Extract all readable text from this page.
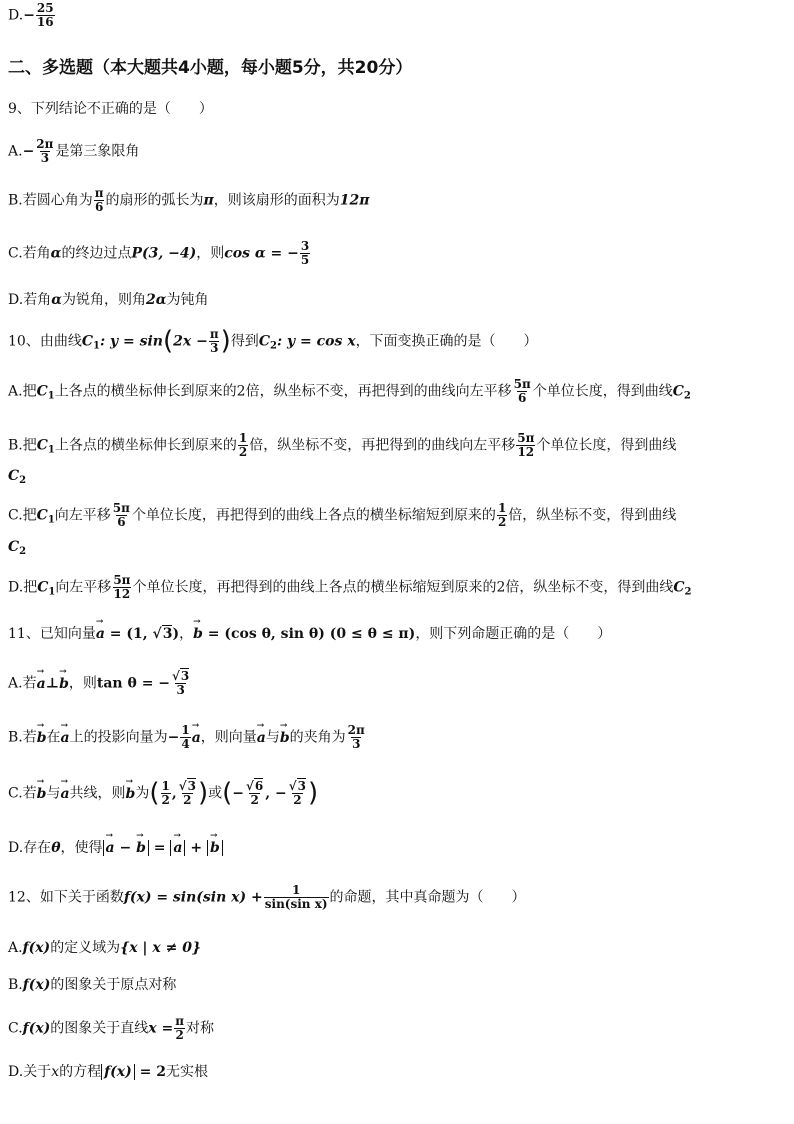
$D.- \frac{25}{16}$
二、多选题（本大题共4小题，每小题5分，共20分）
9、下列结论不正确的是（　　）
$A.- \frac{2\pi}{3}$ 是第三象限角
B.若圆心角为 $\frac{\pi}{6}$ 的扇形的弧长为π，则该扇形的面积为12π
C.若角α的终边过点P(3, −4)，则cos α = − $\frac{3}{5}$
D.若角α为锐角，则角2α为钝角
10、由曲线$C_1$: $y = \sin(2x - \frac{\pi}{3}$ )得到$C_2$: y = cos x，下面变换正确的是（　　）
A.把$C_1$上各点的横坐标伸长到原来的2倍，纵坐标不变，再把得到的曲线向左平移 $\frac{5\pi}{6}$ 个单位长度，得到曲线$C_2$
B.把$C_1$上各点的横坐标伸长到原来的 $\frac{1}{2}$ 倍，纵坐标不变，再把得到的曲线向左平移 $\frac{5\pi}{12}$ 个单位长度，得到曲线
$C_2$
C.把$C_1$向左平移 $\frac{5\pi}{6}$ 个单位长度，再把得到的曲线上各点的横坐标缩短到原来的 $\frac{1}{2}$ 倍，纵坐标不变，得到曲线
$C_2$
D.把$C_1$向左平移 $\frac{5\pi}{12}$ 个单位长度，再把得到的曲线上各点的横坐标缩短到原来的2倍，纵坐标不变，得到曲线$C_2$
11、已知向量→ a = (1, √3)，→ b = (cos θ, sin θ) (0 ≤ θ ≤ π)，则下列命题正确的是（　　）
A.若→ a⊥→ b，则tan θ = − $\frac{√3}{3}$
B.若→ b在→ a上的投影向量为− $\frac{1}{4}$
→ a，则向量→ a与→ b的夹角为 $\frac{2\pi}{3}$
C.若→ b与→ a共线，则→ b为( $\frac{1}{2}$ , $\frac{√3}{2}$ )或(− $\frac{√6}{2}$ , − $\frac{√3}{2}$ )
D.存在θ，使得→ a − → b = → a + → b
12、如下关于函数f(x) = sin(sin $x) + \frac{1}{\text{sin(sin x)}}$ 的命题，其中真命题为（　　）
A.f(x)的定义域为{x | x ≠ 0}
B.f(x)的图象关于原点对称
C.f(x)的图象关于直线$x = \frac{\pi}{2}$ 对称
D.关于x的方程 f(x) = 2无实根
